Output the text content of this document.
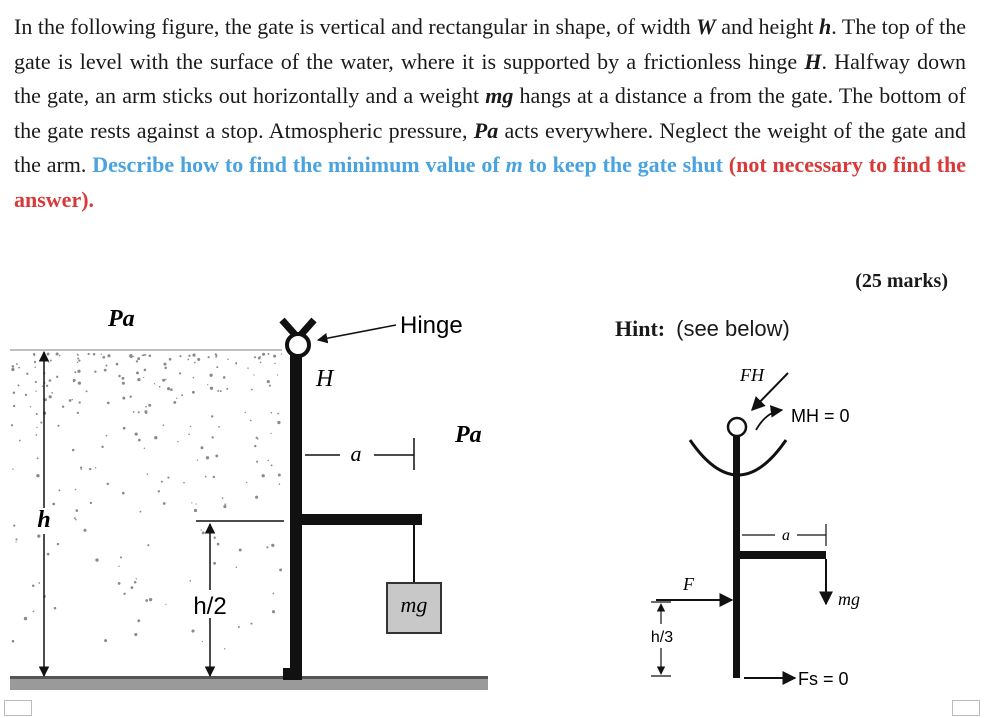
In the following figure, the gate is vertical and rectangular in shape, of width W and height h. The top of the gate is level with the surface of the water, where it is supported by a frictionless hinge H. Halfway down the gate, an arm sticks out horizontally and a weight mg hangs at a distance a from the gate. The bottom of the gate rests against a stop. Atmospheric pressure, Pa acts everywhere. Neglect the weight of the gate and the arm. Describe how to find the minimum value of m to keep the gate shut (not necessary to find the answer).
(25 marks)
Hint: (see below)
Hinge
H
mg
a
Pa
Pa
h
h/2
FH
MH = 0
a
mg
F
h/3
Fs = 0
